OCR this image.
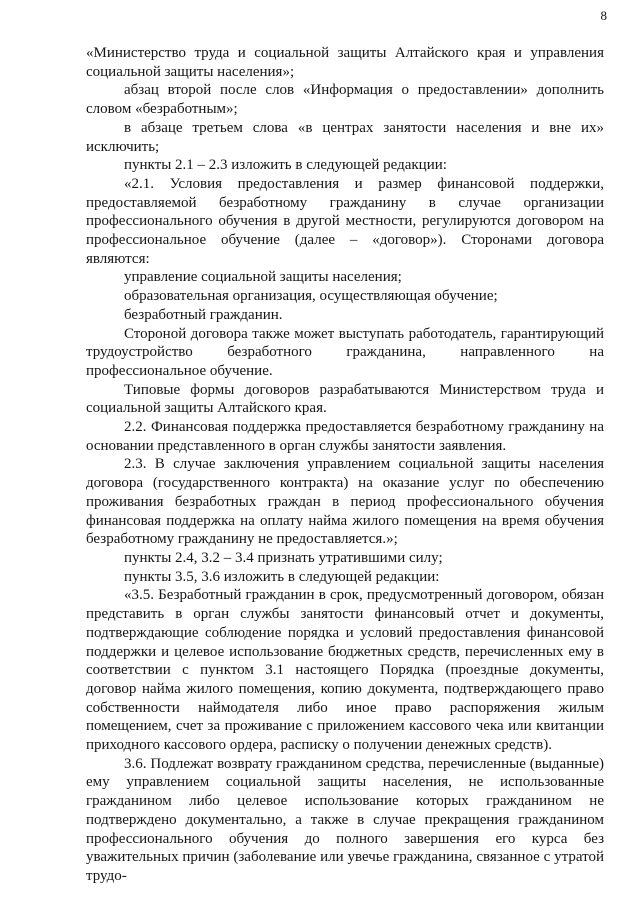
8

«Министерство труда и социальной защиты Алтайского края и управления социальной защиты населения»;

абзац второй после слов «Информация о предоставлении» дополнить словом «безработным»;

в абзаце третьем слова «в центрах занятости населения и вне их» исключить;

пункты 2.1 – 2.3 изложить в следующей редакции:

«2.1. Условия предоставления и размер финансовой поддержки, предоставляемой безработному гражданину в случае организации профессионального обучения в другой местности, регулируются договором на профессиональное обучение (далее – «договор»). Сторонами договора являются:

управление социальной защиты населения;

образовательная организация, осуществляющая обучение;

безработный гражданин.

Стороной договора также может выступать работодатель, гарантирующий трудоустройство безработного гражданина, направленного на профессиональное обучение.

Типовые формы договоров разрабатываются Министерством труда и социальной защиты Алтайского края.

2.2. Финансовая поддержка предоставляется безработному гражданину на основании представленного в орган службы занятости заявления.

2.3. В случае заключения управлением социальной защиты населения договора (государственного контракта) на оказание услуг по обеспечению проживания безработных граждан в период профессионального обучения финансовая поддержка на оплату найма жилого помещения на время обучения безработному гражданину не предоставляется.»;

пункты 2.4, 3.2 – 3.4 признать утратившими силу;

пункты 3.5, 3.6 изложить в следующей редакции:

«3.5. Безработный гражданин в срок, предусмотренный договором, обязан представить в орган службы занятости финансовый отчет и документы, подтверждающие соблюдение порядка и условий предоставления финансовой поддержки и целевое использование бюджетных средств, перечисленных ему в соответствии с пунктом 3.1 настоящего Порядка (проездные документы, договор найма жилого помещения, копию документа, подтверждающего право собственности наймодателя либо иное право распоряжения жилым помещением, счет за проживание с приложением кассового чека или квитанции приходного кассового ордера, расписку о получении денежных средств).

3.6. Подлежат возврату гражданином средства, перечисленные (выданные) ему управлением социальной защиты населения, не использованные гражданином либо целевое использование которых гражданином не подтверждено документально, а также в случае прекращения гражданином профессионального обучения до полного завершения его курса без уважительных причин (заболевание или увечье гражданина, связанное с утратой трудо-
